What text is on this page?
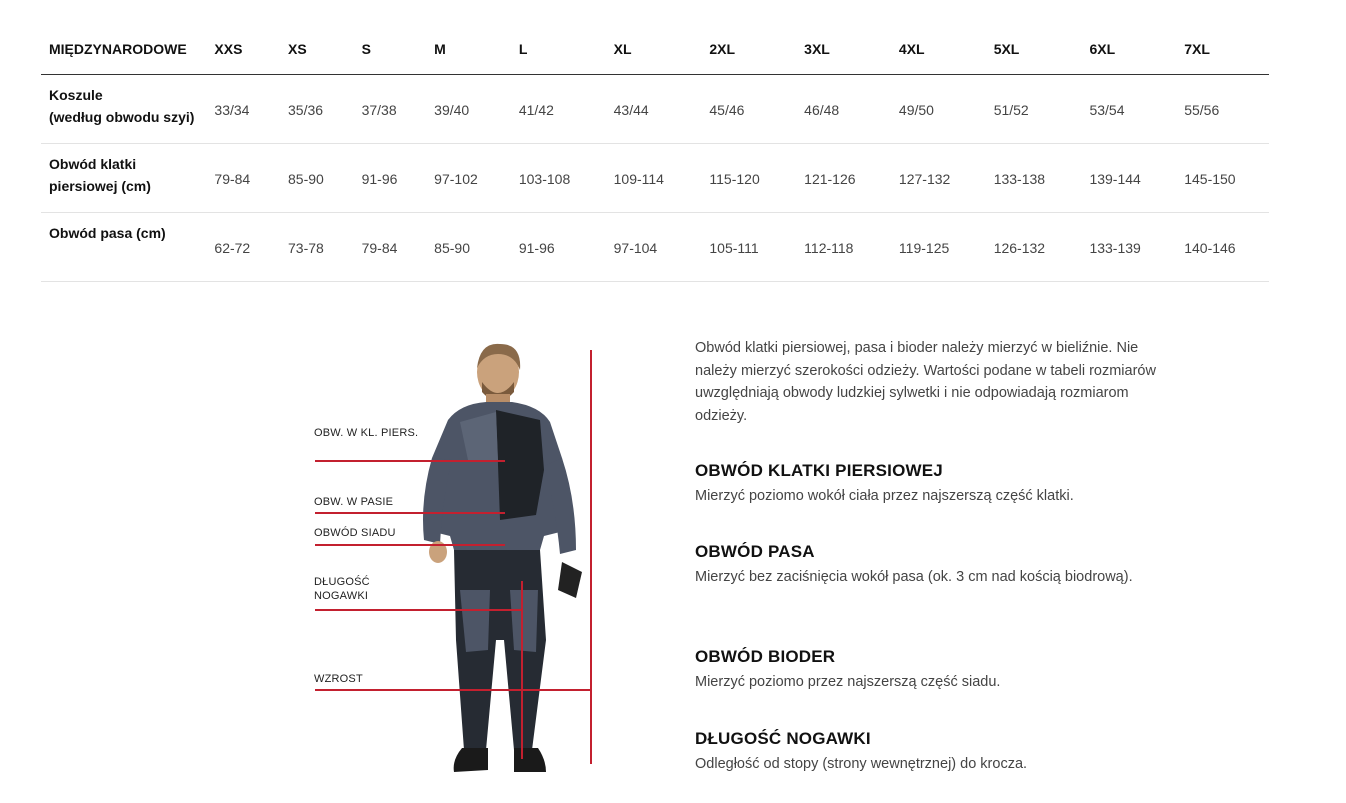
MIĘDZYNARODOWE	XXS	XS	S	M	L	XL	2XL	3XL	4XL	5XL	6XL	7XL

Koszule
(według obwodu szyi)	33/34	35/36	37/38	39/40	41/42	43/44	45/46	46/48	49/50	51/52	53/54	55/56

Obwód klatki
piersiowej (cm)	79-84	85-90	91-96	97-102	103-108	109-114	115-120	121-126	127-132	133-138	139-144	145-150

Obwód pasa (cm)	62-72	73-78	79-84	85-90	91-96	97-104	105-111	112-118	119-125	126-132	133-139	140-146
OBW. W KL. PIERS.
OBW. W PASIE
OBWÓD SIADU
DŁUGOŚĆ
NOGAWKI
WZROST

Obwód klatki piersiowej, pasa i bioder należy mierzyć w bieliźnie. Nie należy mierzyć szerokości odzieży. Wartości podane w tabeli rozmiarów uwzględniają obwody ludzkiej sylwetki i nie odpowiadają rozmiarom odzieży.

OBWÓD KLATKI PIERSIOWEJ

Mierzyć poziomo wokół ciała przez najszerszą część klatki.

OBWÓD PASA

Mierzyć bez zaciśnięcia wokół pasa (ok. 3 cm nad kością biodrową).

OBWÓD BIODER

Mierzyć poziomo przez najszerszą część siadu.

DŁUGOŚĆ NOGAWKI

Odległość od stopy (strony wewnętrznej) do krocza.
